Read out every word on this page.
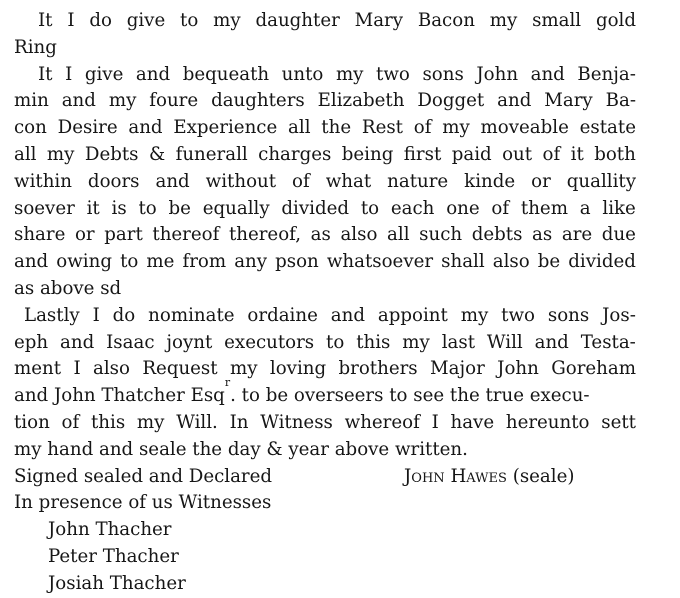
It I do give to my daughter Mary Bacon my small gold
Ring
It I give and bequeath unto my two sons John and Benja-
min and my foure daughters Elizabeth Dogget and Mary Ba-
con Desire and Experience all the Rest of my moveable estate
all my Debts & funerall charges being first paid out of it both
within doors and without of what nature kinde or quallity
soever it is to be equally divided to each one of them a like
share or part thereof thereof, as also all such debts as are due
and owing to me from any pson whatsoever shall also be divided
as above sd
Lastly I do nominate ordaine and appoint my two sons Jos-
eph and Isaac joynt executors to this my last Will and Testa-
ment I also Request my loving brothers Major John Goreham
and John Thatcher Esq
r
. to be overseers to see the true execu-
tion of this my Will. In Witness whereof I have hereunto sett
my hand and seale the day & year above written.
Signed sealed and Declared	John Hawes (seale)
In presence of us Witnesses
John Thacher
Peter Thacher
Josiah Thacher
